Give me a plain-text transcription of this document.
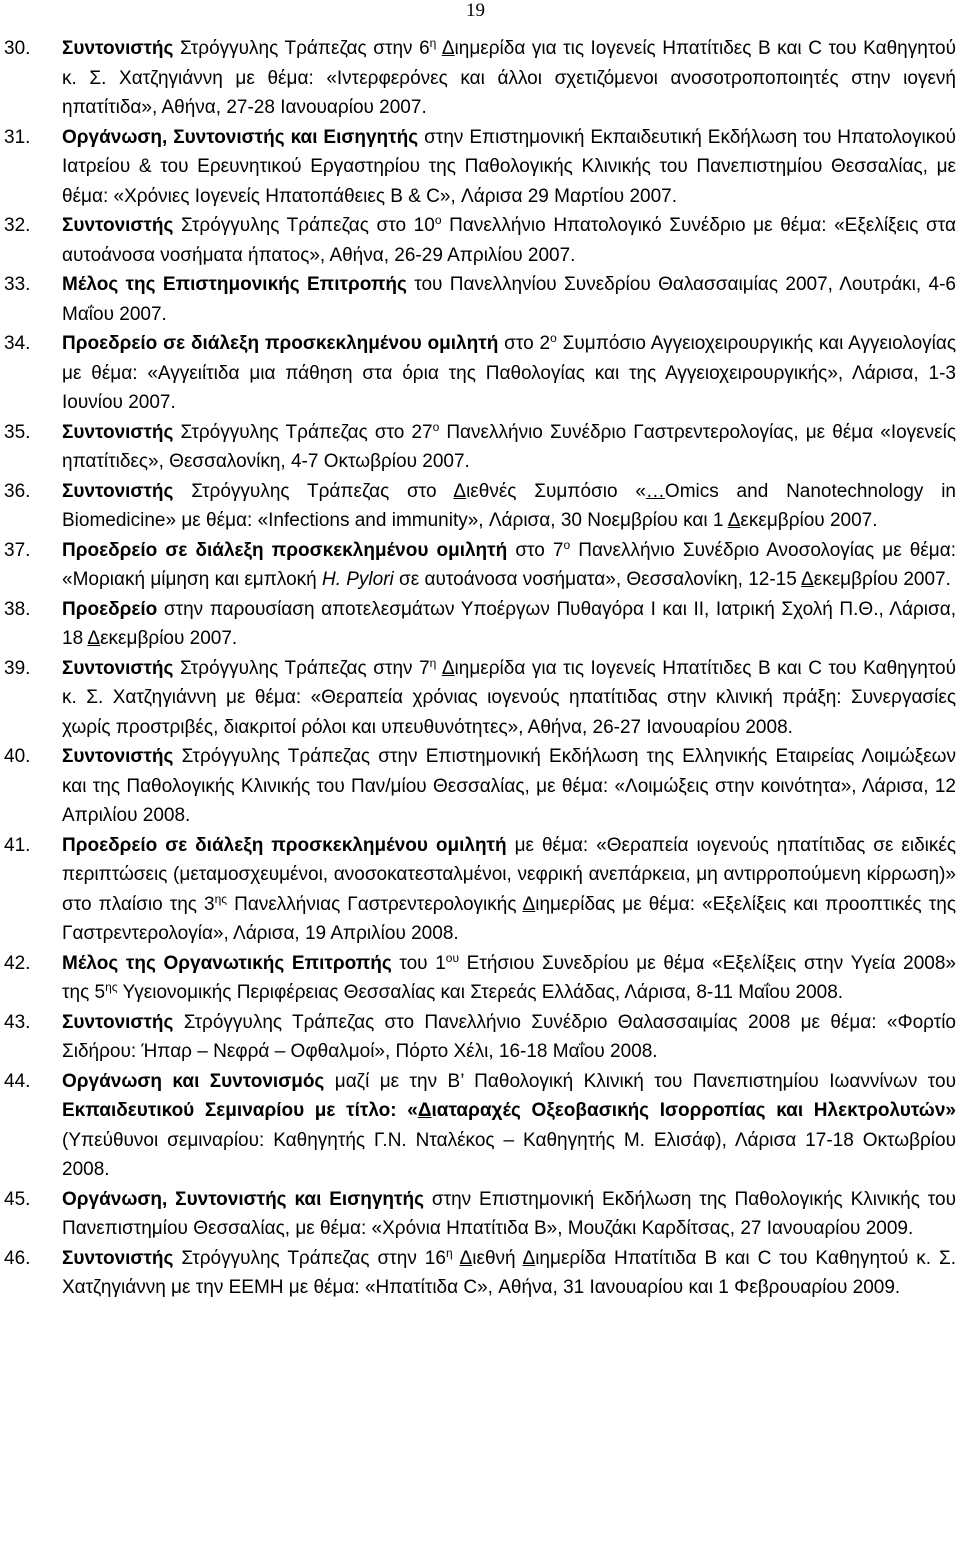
19
30. Συντονιστής Στρόγγυλης Τράπεζας στην $6^\eta$ Διημερίδα για τις Ιογενείς Ηπατίτιδες Β και C του Καθηγητού κ. Σ. Χατζηγιάννη με θέμα: «Ιντερφερόνες και άλλοι σχετιζόμενοι ανοσοτροποποιητές στην ιογενή ηπατίτιδα», Αθήνα, 27-28 Ιανουαρίου 2007.
31. Οργάνωση, Συντονιστής και Εισηγητής στην Επιστημονική Εκπαιδευτική Εκδήλωση του Ηπατολογικού Ιατρείου & του Ερευνητικού Εργαστηρίου της Παθολογικής Κλινικής του Πανεπιστημίου Θεσσαλίας, με θέμα: «Χρόνιες Ιογενείς Ηπατοπάθειες Β & C», Λάρισα 29 Μαρτίου 2007.
32. Συντονιστής Στρόγγυλης Τράπεζας στο $10^o$ Πανελλήνιο Ηπατολογικό Συνέδριο με θέμα: «Εξελίξεις στα αυτοάνοσα νοσήματα ήπατος», Αθήνα, 26-29 Απριλίου 2007.
33. Μέλος της Επιστημονικής Επιτροπής του Πανελληνίου Συνεδρίου Θαλασσαιμίας 2007, Λουτράκι, 4-6 Μαΐου 2007.
34. Προεδρείο σε διάλεξη προσκεκλημένου ομιλητή στο $2^o$ Συμπόσιο Αγγειοχειρουργικής και Αγγειολογίας με θέμα: «Αγγειίτιδα μια πάθηση στα όρια της Παθολογίας και της Αγγειοχειρουργικής», Λάρισα, 1-3 Ιουνίου 2007.
35. Συντονιστής Στρόγγυλης Τράπεζας στο $27^o$ Πανελλήνιο Συνέδριο Γαστρεντερολογίας, με θέμα «Ιογενείς ηπατίτιδες», Θεσσαλονίκη, 4-7 Οκτωβρίου 2007.
36. Συντονιστής Στρόγγυλης Τράπεζας στο Διεθνές Συμπόσιο «…Omics and Nanotechnology in Biomedicine» με θέμα: «Infections and immunity», Λάρισα, 30 Νοεμβρίου και 1 Δεκεμβρίου 2007.
37. Προεδρείο σε διάλεξη προσκεκλημένου ομιλητή στο $7^o$ Πανελλήνιο Συνέδριο Ανοσολογίας με θέμα: «Μοριακή μίμηση και εμπλοκή H. Pylori σε αυτοάνοσα νοσήματα», Θεσσαλονίκη, 12-15 Δεκεμβρίου 2007.
38. Προεδρείο στην παρουσίαση αποτελεσμάτων Υποέργων Πυθαγόρα Ι και ΙΙ, Ιατρική Σχολή Π.Θ., Λάρισα, 18 Δεκεμβρίου 2007.
39. Συντονιστής Στρόγγυλης Τράπεζας στην $7^\eta$ Διημερίδα για τις Ιογενείς Ηπατίτιδες Β και C του Καθηγητού κ. Σ. Χατζηγιάννη με θέμα: «Θεραπεία χρόνιας ιογενούς ηπατίτιδας στην κλινική πράξη: Συνεργασίες χωρίς προστριβές, διακριτοί ρόλοι και υπευθυνότητες», Αθήνα, 26-27 Ιανουαρίου 2008.
40. Συντονιστής Στρόγγυλης Τράπεζας στην Επιστημονική Εκδήλωση της Ελληνικής Εταιρείας Λοιμώξεων και της Παθολογικής Κλινικής του Παν/μίου Θεσσαλίας, με θέμα: «Λοιμώξεις στην κοινότητα», Λάρισα, 12 Απριλίου 2008.
41. Προεδρείο σε διάλεξη προσκεκλημένου ομιλητή με θέμα: «Θεραπεία ιογενούς ηπατίτιδας σε ειδικές περιπτώσεις (μεταμοσχευμένοι, ανοσοκατεσταλμένοι, νεφρική ανεπάρκεια, μη αντιρροπούμενη κίρρωση)» στο πλαίσιο της $3^{\eta\varsigma}$ Πανελλήνιας Γαστρεντερολογικής Διημερίδας με θέμα: «Εξελίξεις και προοπτικές της Γαστρεντερολογία», Λάρισα, 19 Απριλίου 2008.
42. Μέλος της Οργανωτικής Επιτροπής του $1^{o\upsilon}$ Ετήσιου Συνεδρίου με θέμα «Εξελίξεις στην Υγεία 2008» της $5^{\eta\varsigma}$ Υγειονομικής Περιφέρειας Θεσσαλίας και Στερεάς Ελλάδας, Λάρισα, 8-11 Μαΐου 2008.
43. Συντονιστής Στρόγγυλης Τράπεζας στο Πανελλήνιο Συνέδριο Θαλασσαιμίας 2008 με θέμα: «Φορτίο Σιδήρου: Ήπαρ – Νεφρά – Οφθαλμοί», Πόρτο Χέλι, 16-18 Μαΐου 2008.
44. Οργάνωση και Συντονισμός μαζί με την Β’ Παθολογική Κλινική του Πανεπιστημίου Ιωαννίνων του Εκπαιδευτικού Σεμιναρίου με τίτλο: «Διαταραχές Οξεοβασικής Ισορροπίας και Ηλεκτρολυτών» (Υπεύθυνοι σεμιναρίου: Καθηγητής Γ.Ν. Νταλέκος – Καθηγητής Μ. Ελισάφ), Λάρισα 17-18 Οκτωβρίου 2008.
45. Οργάνωση, Συντονιστής και Εισηγητής στην Επιστημονική Εκδήλωση της Παθολογικής Κλινικής του Πανεπιστημίου Θεσσαλίας, με θέμα: «Χρόνια Ηπατίτιδα Β», Μουζάκι Καρδίτσας, 27 Ιανουαρίου 2009.
46. Συντονιστής Στρόγγυλης Τράπεζας στην $16^\eta$ Διεθνή Διημερίδα Ηπατίτιδα Β και C του Καθηγητού κ. Σ. Χατζηγιάννη με την ΕΕΜΗ με θέμα: «Ηπατίτιδα C», Αθήνα, 31 Ιανουαρίου και 1 Φεβρουαρίου 2009.
